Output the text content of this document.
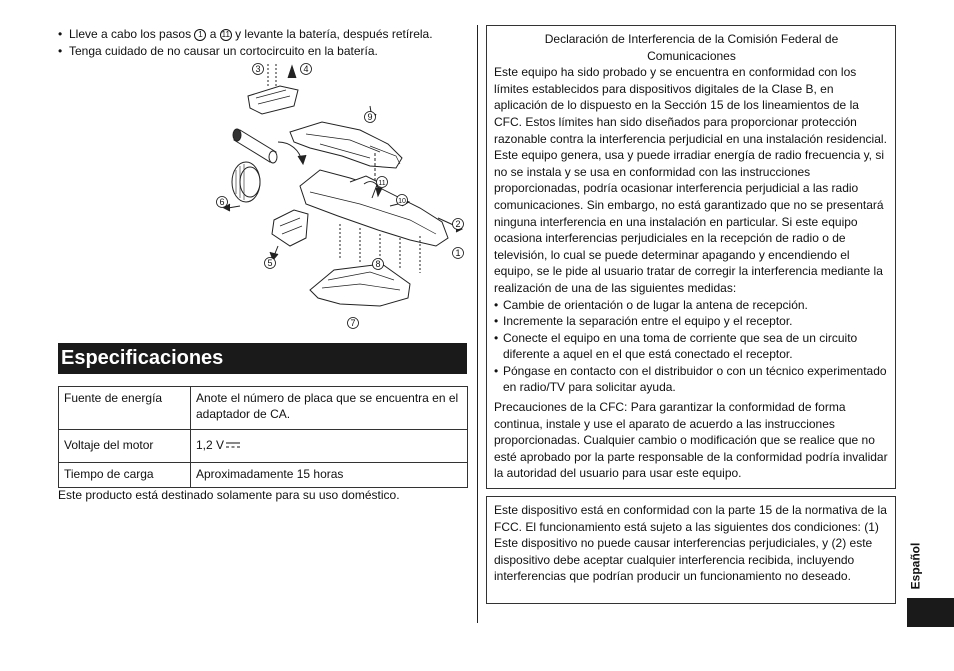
• Lleve a cabo los pasos 1 a 11 y levante la batería, después retírela.
• Tenga cuidado de no causar un cortocircuito en la batería.
3	4
9
11
10
6
2
1
5	8
7
Especificaciones
Fuente de energía	Anote el número de placa que se encuentra en el adaptador de CA.
Voltaje del motor	1,2 V
Tiempo de carga	Aproximadamente 15 horas
Este producto está destinado solamente para su uso doméstico.
Declaración de Interferencia de la Comisión Federal de Comunicaciones

Este equipo ha sido probado y se encuentra en conformidad con los límites establecidos para dispositivos digitales de la Clase B, en aplicación de lo dispuesto en la Sección 15 de los lineamientos de la CFC. Estos límites han sido diseñados para proporcionar protección razonable contra la interferencia perjudicial en una instalación residencial. Este equipo genera, usa y puede irradiar energía de radio frecuencia y, si no se instala y se usa en conformidad con las instrucciones proporcionadas, podría ocasionar interferencia perjudicial a las radio comunicaciones. Sin embargo, no está garantizado que no se presentará ninguna interferencia en una instalación en particular. Si este equipo ocasiona interferencias perjudiciales en la recepción de radio o de televisión, lo cual se puede determinar apagando y encendiendo el equipo, se le pide al usuario tratar de corregir la interferencia mediante la realización de una de las siguientes medidas:

• Cambie de orientación o de lugar la antena de recepción.
• Incremente la separación entre el equipo y el receptor.
• Conecte el equipo en una toma de corriente que sea de un circuito diferente a aquel en el que está conectado el receptor.
• Póngase en contacto con el distribuidor o con un técnico experimentado en radio/TV para solicitar ayuda.

Precauciones de la CFC: Para garantizar la conformidad de forma continua, instale y use el aparato de acuerdo a las instrucciones proporcionadas. Cualquier cambio o modificación que se realice que no esté aprobado por la parte responsable de la conformidad podría invalidar la autoridad del usuario para usar este equipo.

Este dispositivo está en conformidad con la parte 15 de la normativa de la FCC. El funcionamiento está sujeto a las siguientes dos condiciones: (1) Este dispositivo no puede causar interferencias perjudiciales, y (2) este dispositivo debe aceptar cualquier interferencia recibida, incluyendo interferencias que podrían producir un funcionamiento no deseado.	Español
